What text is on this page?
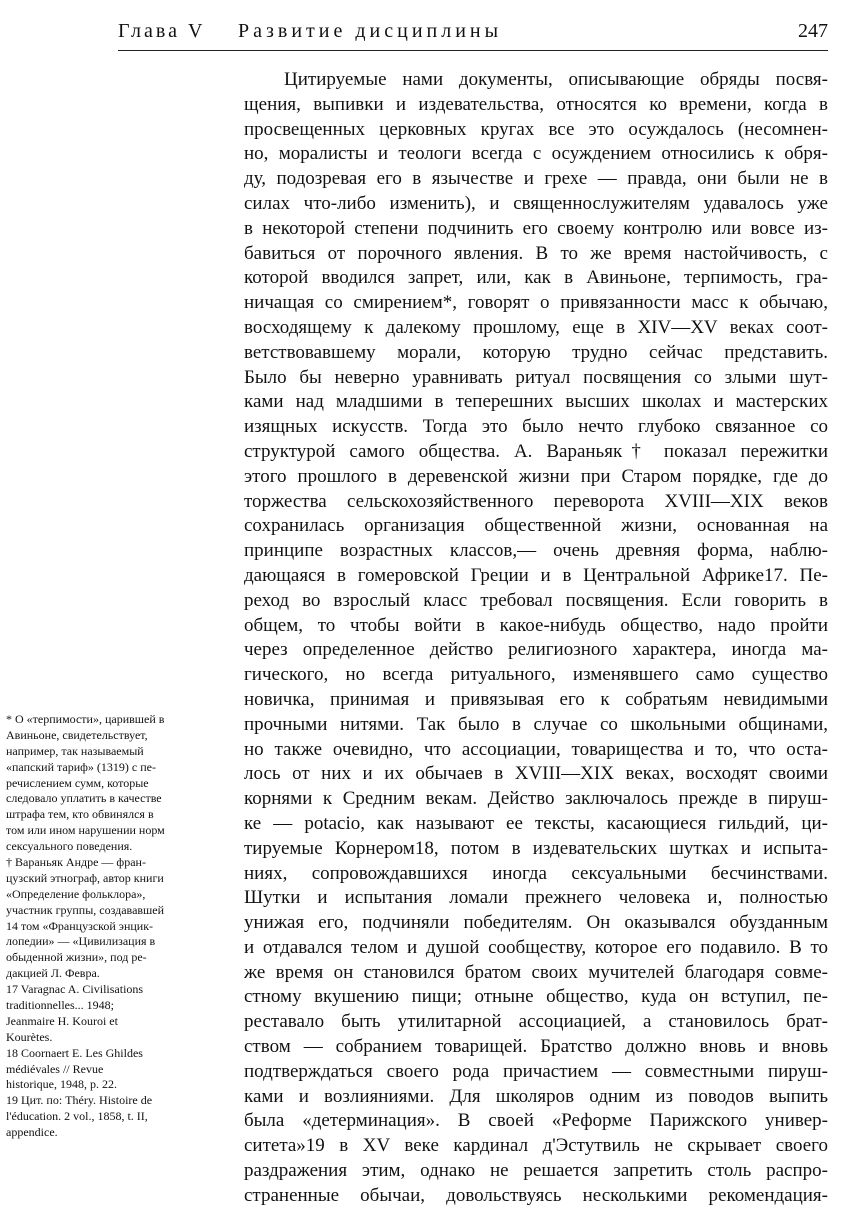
Глава V Развитие дисциплины	247
Цитируемые нами документы, описывающие обряды посвя-
щения, выпивки и издевательства, относятся ко времени, когда в
просвещенных церковных кругах все это осуждалось (несомнен-
но, моралисты и теологи всегда с осуждением относились к обря-
ду, подозревая его в язычестве и грехе — правда, они были не в
силах что-либо изменить), и священнослужителям удавалось уже
в некоторой степени подчинить его своему контролю или вовсе из-
бавиться от порочного явления. В то же время настойчивость, с
которой вводился запрет, или, как в Авиньоне, терпимость, гра-
ничащая со смирением*, говорят о привязанности масс к обычаю,
восходящему к далекому прошлому, еще в XIV—XV веках соот-
ветствовавшему морали, которую трудно сейчас представить.
Было бы неверно уравнивать ритуал посвящения со злыми шут-
ками над младшими в теперешних высших школах и мастерских
изящных искусств. Тогда это было нечто глубоко связанное со
структурой самого общества. А. Вараньяк† показал пережитки
этого прошлого в деревенской жизни при Старом порядке, где до
торжества сельскохозяйственного переворота XVIII—XIX веков
сохранилась организация общественной жизни, основанная на
принципе возрастных классов,— очень древняя форма, наблю-
дающаяся в гомеровской Греции и в Центральной Африке17. Пе-
реход во взрослый класс требовал посвящения. Если говорить в
общем, то чтобы войти в какое-нибудь общество, надо пройти
через определенное действо религиозного характера, иногда ма-
гического, но всегда ритуального, изменявшего само существо
новичка, принимая и привязывая его к собратьям невидимыми
прочными нитями. Так было в случае со школьными общинами,
но также очевидно, что ассоциации, товарищества и то, что оста-
лось от них и их обычаев в XVIII—XIX веках, восходят своими
корнями к Средним векам. Действо заключалось прежде в пируш-
ке — potacio, как называют ее тексты, касающиеся гильдий, ци-
тируемые Корнером18, потом в издевательских шутках и испыта-
ниях, сопровождавшихся иногда сексуальными бесчинствами.
Шутки и испытания ломали прежнего человека и, полностью
унижая его, подчиняли победителям. Он оказывался обузданным
и отдавался телом и душой сообществу, которое его подавило. В то
же время он становился братом своих мучителей благодаря совме-
стному вкушению пищи; отныне общество, куда он вступил, пе-
реставало быть утилитарной ассоциацией, а становилось брат-
ством — собранием товарищей. Братство должно вновь и вновь
подтверждаться своего рода причастием — совместными пируш-
ками и возлияниями. Для школяров одним из поводов выпить
была «детерминация». В своей «Реформе Парижского универ-
ситета»19 в XV веке кардинал д'Эстутвиль не скрывает своего
раздражения этим, однако не решается запретить столь распро-
страненные обычаи, довольствуясь несколькими рекомендация-
* О «терпимости», царившей в
Авиньоне, свидетельствует,
например, так называемый
«папский тариф» (1319) с пе-
речислением сумм, которые
следовало уплатить в качестве
штрафа тем, кто обвинялся в
том или ином нарушении норм
сексуального поведения.
† Вараньяк Андре — фран-
цузский этнограф, автор книги
«Определение фольклора»,
участник группы, создававшей
14 том «Французской энцик-
лопедии» — «Цивилизация в
обыденной жизни», под ре-
дакцией Л. Февра.
17 Varagnac A. Civilisations
traditionnelles... 1948;
Jeanmaire H. Kouroi et
Kourètes.
18 Coornaert E. Les Ghildes
médiévales // Revue
historique, 1948, p. 22.
19 Цит. по: Théry. Histoire de
l'éducation. 2 vol., 1858, t. II,
appendice.
